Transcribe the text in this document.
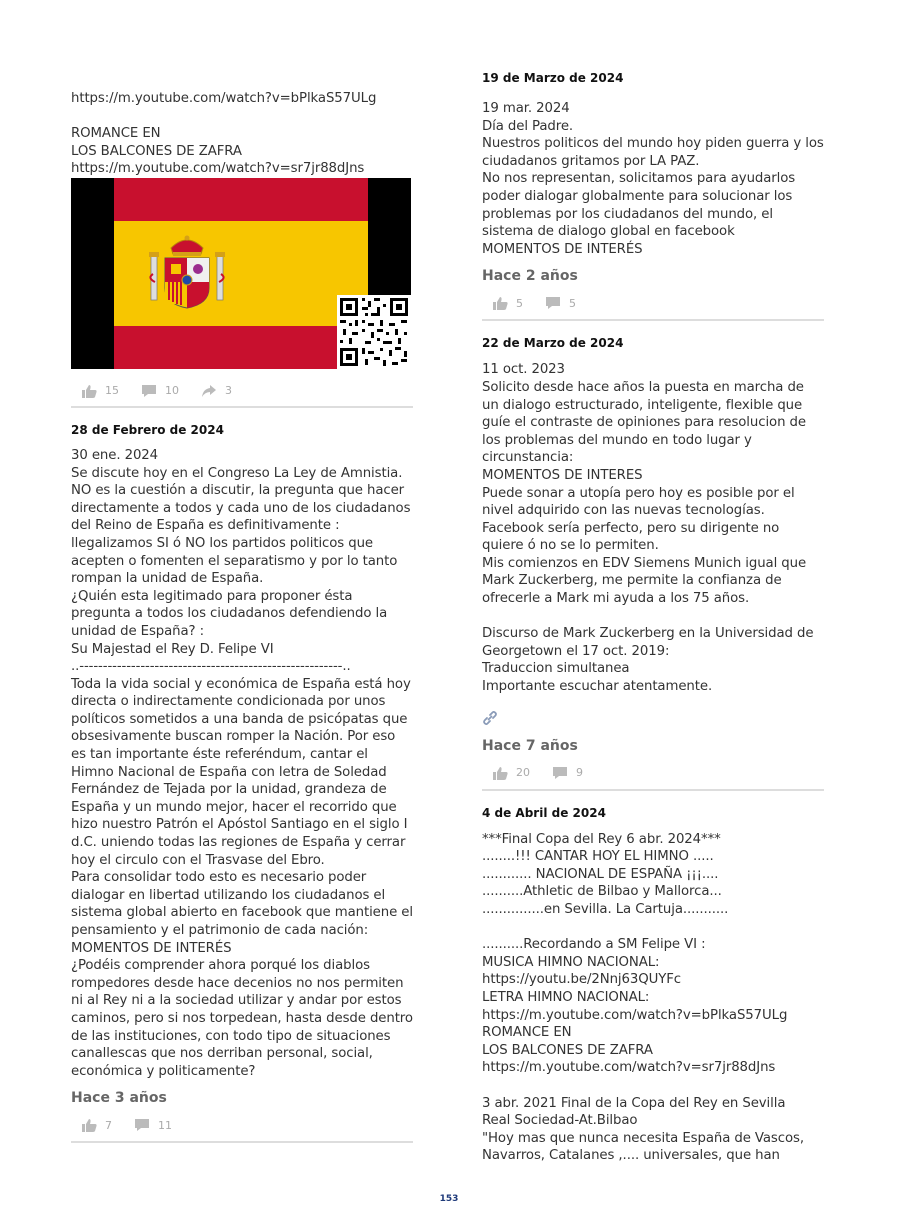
https://m.youtube.com/watch?v=bPlkaS57ULg

ROMANCE EN
LOS BALCONES DE ZAFRA
https://m.youtube.com/watch?v=sr7jr88dJns
15	10	3

28 de Febrero de 2024

30 ene. 2024
Se discute hoy en el Congreso La Ley de Amnistia.
NO es la cuestión a discutir, la pregunta que hacer directamente a todos y cada uno de los ciudadanos del Reino de España es definitivamente : llegalizamos SI ó NO los partidos politicos que acepten o fomenten el separatismo y por lo tanto rompan la unidad de España.
¿Quién esta legitimado para proponer ésta pregunta a todos los ciudadanos defendiendo la unidad de España? :
Su Majestad el Rey D. Felipe VI
..--------------------------------------------------------..
Toda la vida social y económica de España está hoy directa o indirectamente condicionada por unos políticos sometidos a una banda de psicópatas que obsesivamente buscan romper la Nación. Por eso es tan importante éste referéndum, cantar el Himno Nacional de España con letra de Soledad Fernández de Tejada por la unidad, grandeza de España y un mundo mejor, hacer el recorrido que hizo nuestro Patrón el Apóstol Santiago en el siglo I d.C. uniendo todas las regiones de España y cerrar hoy el circulo con el Trasvase del Ebro.
Para consolidar todo esto es necesario poder dialogar en libertad utilizando los ciudadanos el sistema global abierto en facebook que mantiene el pensamiento y el patrimonio de cada nación:
MOMENTOS DE INTERÉS
¿Podéis comprender ahora porqué los diablos rompedores desde hace decenios no nos permiten ni al Rey ni a la sociedad utilizar y andar por estos caminos, pero si nos torpedean, hasta desde dentro de las instituciones, con todo tipo de situaciones canallescas que nos derriban personal, social, económica y politicamente?

Hace 3 años

7	11

19 de Marzo de 2024

19 mar. 2024
Día del Padre.
Nuestros politicos del mundo hoy piden guerra y los ciudadanos gritamos por LA PAZ.
No nos representan, solicitamos para ayudarlos poder dialogar globalmente para solucionar los problemas por los ciudadanos del mundo, el sistema de dialogo global en facebook
MOMENTOS DE INTERÉS

Hace 2 años

5	5

22 de Marzo de 2024

11 oct. 2023
Solicito desde hace años la puesta en marcha de un dialogo estructurado, inteligente, flexible que guíe el contraste de opiniones para resolucion de los problemas del mundo en todo lugar y circunstancia:
MOMENTOS DE INTERES
Puede sonar a utopía pero hoy es posible por el nivel adquirido con las nuevas tecnologías.
Facebook sería perfecto, pero su dirigente no quiere ó no se lo permiten.
Mis comienzos en EDV Siemens Munich igual que Mark Zuckerberg, me permite la confianza de ofrecerle a Mark mi ayuda a los 75 años.

Discurso de Mark Zuckerberg en la Universidad de Georgetown el 17 oct. 2019:
Traduccion simultanea
Importante escuchar atentamente.

Hace 7 años

20	9

4 de Abril de 2024

***Final Copa del Rey 6 abr. 2024***
........!!! CANTAR HOY EL HIMNO .....
............ NACIONAL DE ESPAÑA ¡¡¡....
..........Athletic de Bilbao y Mallorca...
...............en Sevilla. La Cartuja...........

..........Recordando a SM Felipe VI :
MUSICA HIMNO NACIONAL:
https://youtu.be/2Nnj63QUYFc
LETRA HIMNO NACIONAL:
https://m.youtube.com/watch?v=bPlkaS57ULg
ROMANCE EN
LOS BALCONES DE ZAFRA
https://m.youtube.com/watch?v=sr7jr88dJns

3 abr. 2021 Final de la Copa del Rey en Sevilla
Real Sociedad-At.Bilbao
"Hoy mas que nunca necesita España de Vascos, Navarros, Catalanes ,.... universales, que han
153
